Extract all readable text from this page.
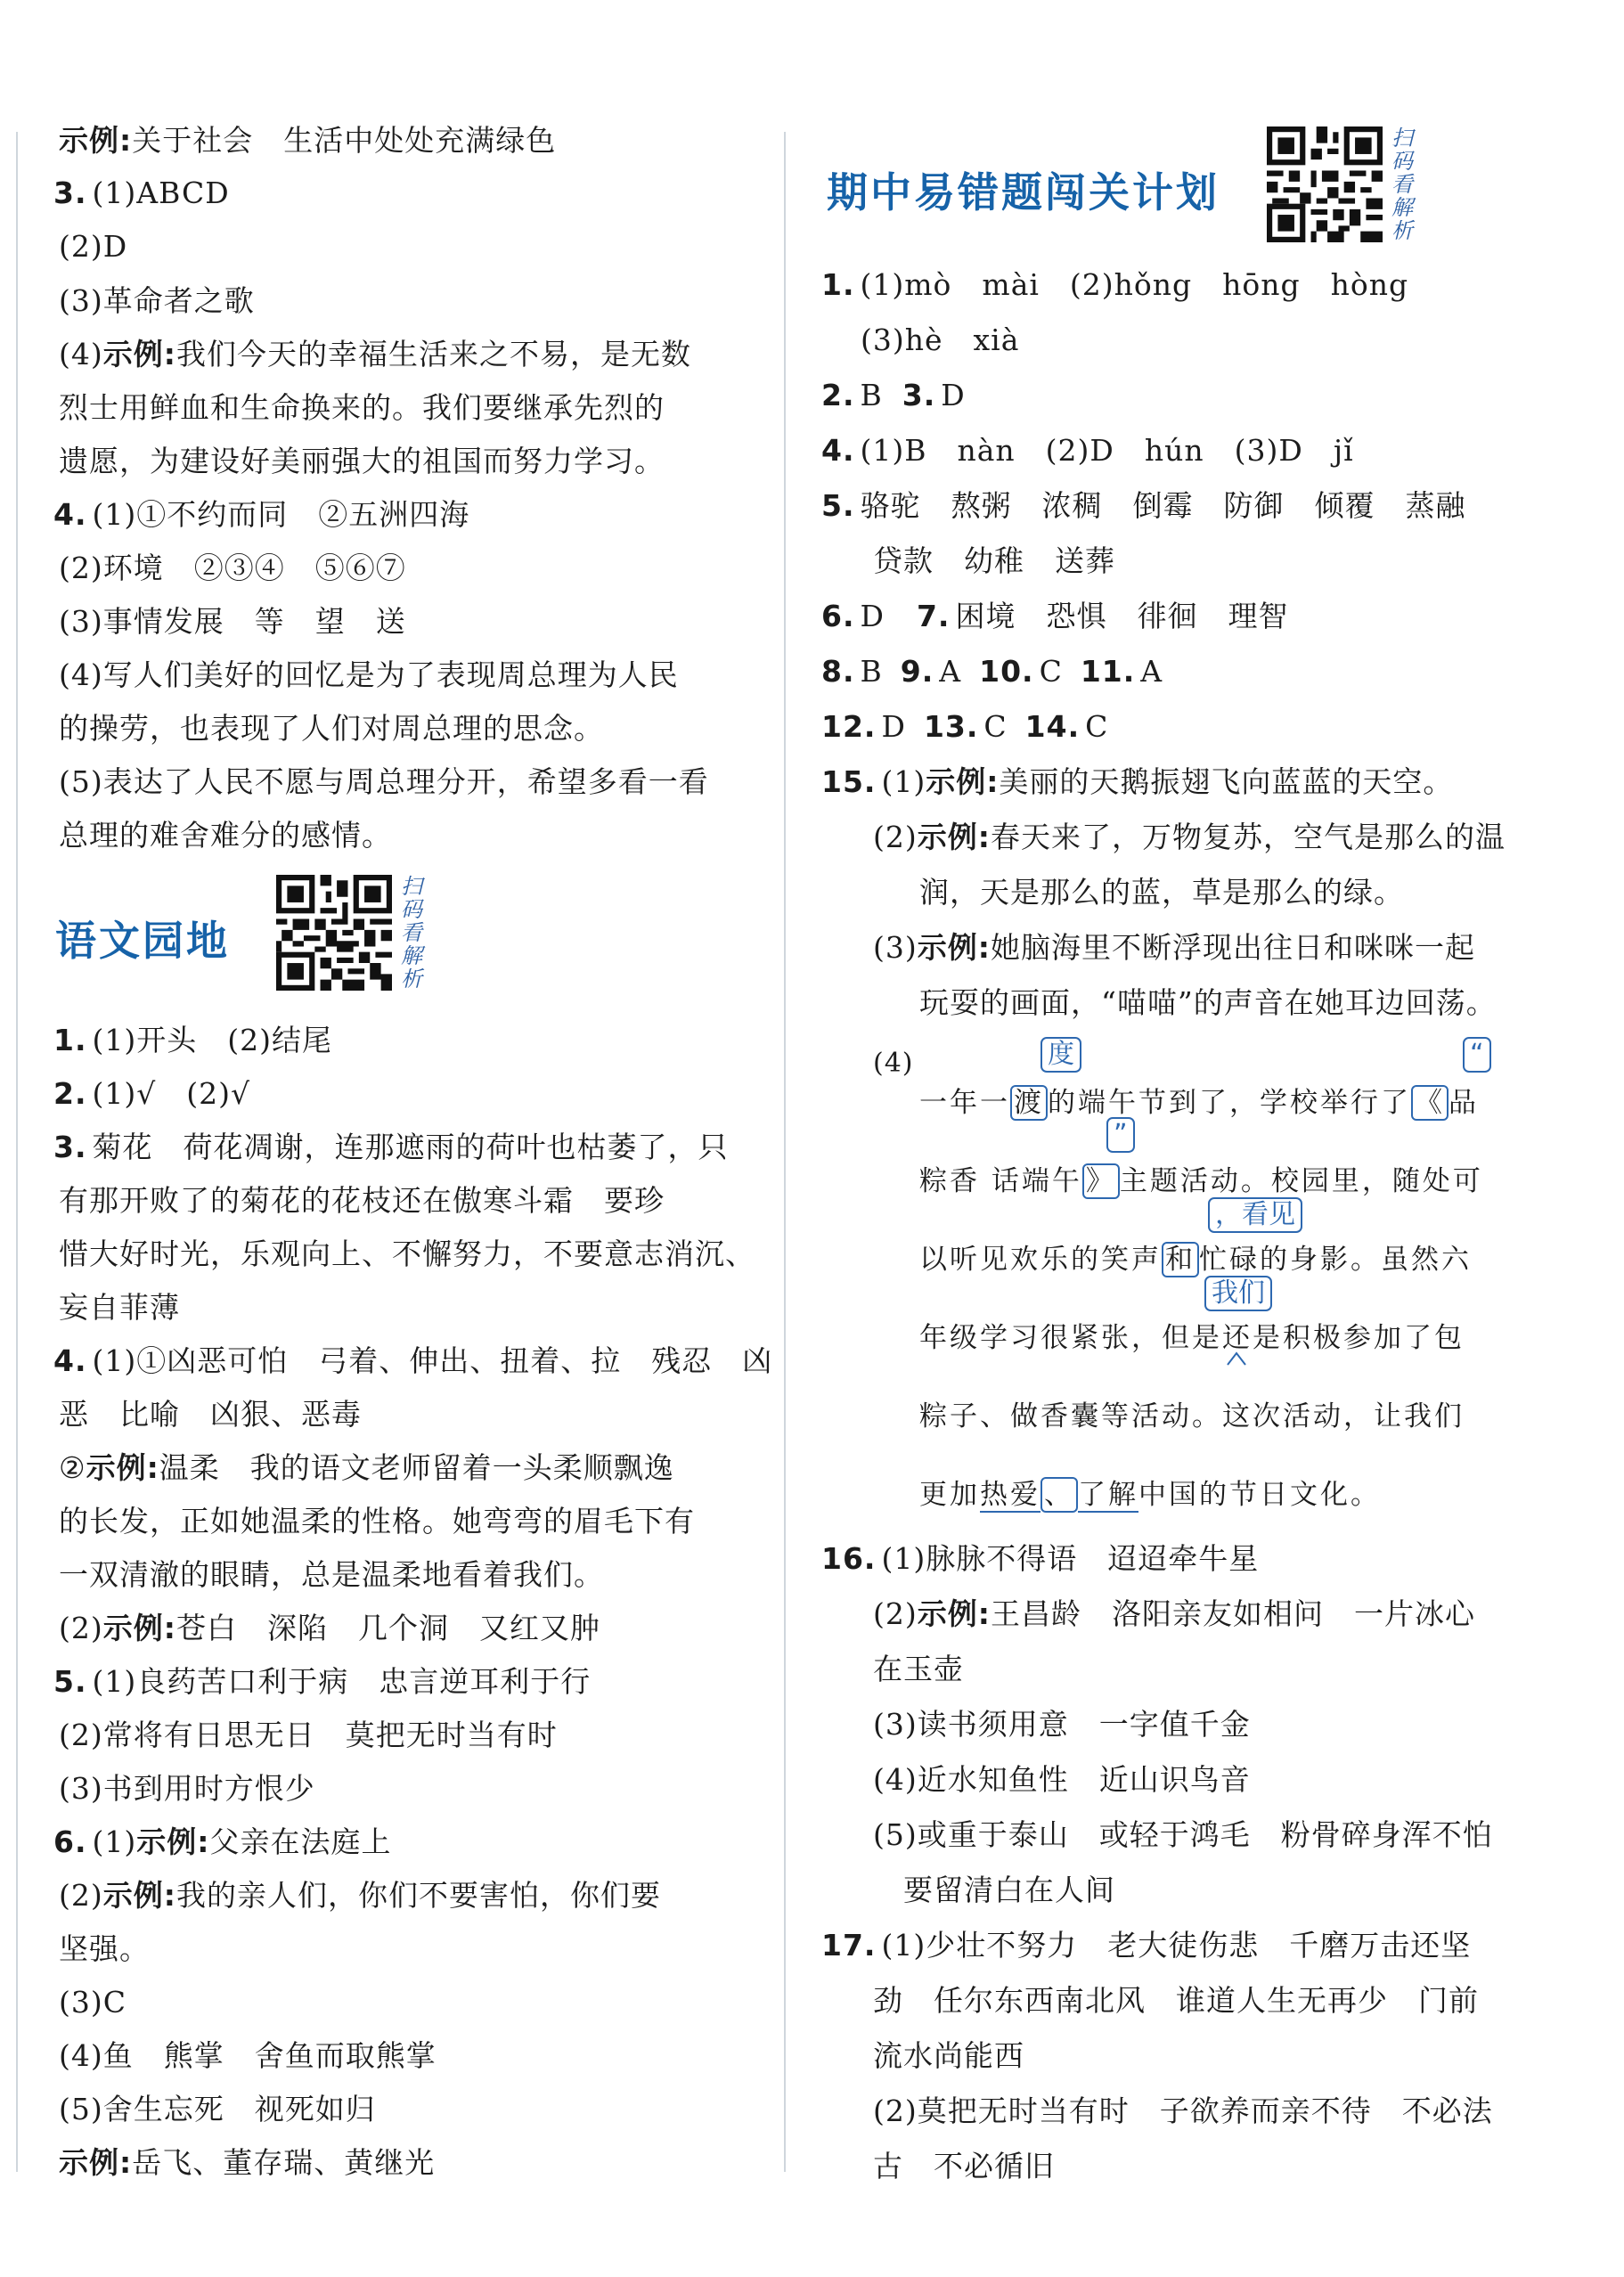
示例:关于社会　生活中处处充满绿色
3. (1)ABCD
(2)D
(3)革命者之歌
(4)示例:我们今天的幸福生活来之不易，是无数
烈士用鲜血和生命换来的。我们要继承先烈的
遗愿，为建设好美丽强大的祖国而努力学习。
4. (1)①不约而同　②五洲四海
(2)环境　②③④　⑤⑥⑦
(3)事情发展　等　望　送
(4)写人们美好的回忆是为了表现周总理为人民
的操劳，也表现了人们对周总理的思念。
(5)表达了人民不愿与周总理分开，希望多看一看
总理的难舍难分的感情。
语文园地
扫码看解析
1. (1)开头　(2)结尾
2. (1)√　(2)√
3. 菊花　荷花凋谢，连那遮雨的荷叶也枯萎了，只
有那开败了的菊花的花枝还在傲寒斗霜　要珍
惜大好时光，乐观向上、不懈努力，不要意志消沉、
妄自菲薄
4. (1)①凶恶可怕　弓着、伸出、扭着、拉　残忍　凶
恶　比喻　凶狠、恶毒
②示例:温柔　我的语文老师留着一头柔顺飘逸
的长发，正如她温柔的性格。她弯弯的眉毛下有
一双清澈的眼睛，总是温柔地看着我们。
(2)示例:苍白　深陷　几个洞　又红又肿
5. (1)良药苦口利于病　忠言逆耳利于行
(2)常将有日思无日　莫把无时当有时
(3)书到用时方恨少
6. (1)示例:父亲在法庭上
(2)示例:我的亲人们，你们不要害怕，你们要
坚强。
(3)C
(4)鱼　熊掌　舍鱼而取熊掌
(5)舍生忘死　视死如归
示例:岳飞、董存瑞、黄继光
期中易错题闯关计划
扫码看解析
1. (1)mò　mài　(2)hǒng　hōng　hòng
(3)hè　xià
2. B 3. D
4. (1)B　nàn　(2)D　hún　(3)D　jǐ
5. 骆驼　熬粥　浓稠　倒霉　防御　倾覆　蒸融
贷款　幼稚　送葬
6. D 7. 困境　恐惧　徘徊　理智
8. B 9. A 10. C 11. A
12. D 13. C 14. C
15. (1)示例:美丽的天鹅振翅飞向蓝蓝的天空。
(2)示例:春天来了，万物复苏，空气是那么的温
润，天是那么的蓝，草是那么的绿。
(3)示例:她脑海里不断浮现出往日和咪咪一起
玩耍的画面，“喵喵”的声音在她耳边回荡。
(4)	度	“
一年一 渡 的端午节到了，学校举行了 《 品
”
粽香 话端午 》 主题活动。校园里，随处可
，看见
以听见欢乐的笑声 和 忙碌的身影。虽然六
我们
年级学习很紧张，但是还是积极参加了包
粽子、做香囊等活动。这次活动，让我们
更加热爱 、 了解中国的节日文化。
16. (1)脉脉不得语　迢迢牵牛星
(2)示例:王昌龄　洛阳亲友如相问　一片冰心
在玉壶
(3)读书须用意　一字值千金
(4)近水知鱼性　近山识鸟音
(5)或重于泰山　或轻于鸿毛　粉骨碎身浑不怕
要留清白在人间
17. (1)少壮不努力　老大徒伤悲　千磨万击还坚
劲　任尔东西南北风　谁道人生无再少　门前
流水尚能西
(2)莫把无时当有时　子欲养而亲不待　不必法
古　不必循旧
